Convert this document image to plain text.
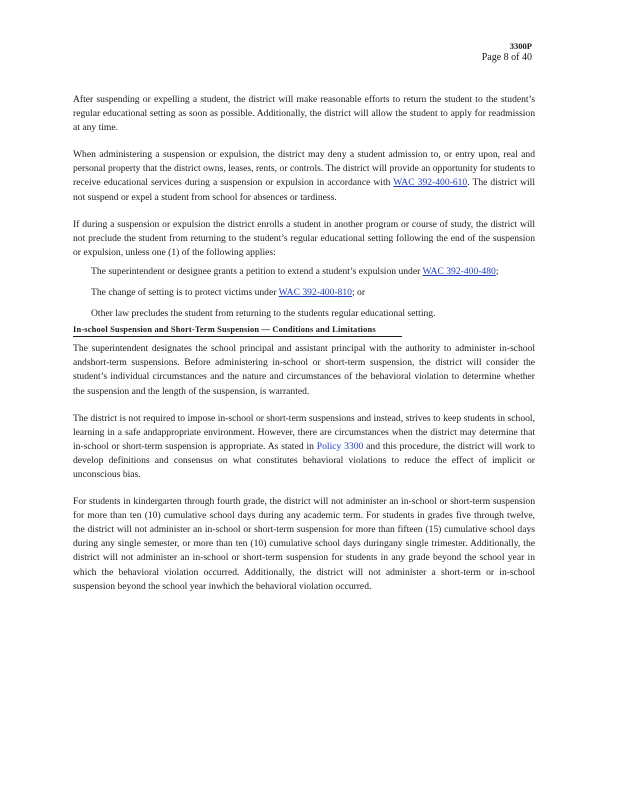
3300P
Page 8 of 40

After suspending or expelling a student, the district will make reasonable efforts to return the student to the student’s regular educational setting as soon as possible. Additionally, the district will allow the student to apply for readmission at any time.

When administering a suspension or expulsion, the district may deny a student admission to, or entry upon, real and personal property that the district owns, leases, rents, or controls. The district will provide an opportunity for students to receive educational services during a suspension or expulsion in accordance with WAC 392-400-610. The district will not suspend or expel a student from school for absences or tardiness.

If during a suspension or expulsion the district enrolls a student in another program or course of study, the district will not preclude the student from returning to the student’s regular educational setting following the end of the suspension or expulsion, unless one (1) of the following applies:

The superintendent or designee grants a petition to extend a student’s expulsion under WAC 392-400-480;
The change of setting is to protect victims under WAC 392-400-810; or
Other law precludes the student from returning to the students regular educational setting.
In-school Suspension and Short-Term Suspension — Conditions and Limitations

The superintendent designates the school principal and assistant principal with the authority to administer in-school andshort-term suspensions. Before administering in-school or short-term suspension, the district will consider the student’s individual circumstances and the nature and circumstances of the behavioral violation to determine whether the suspension and the length of the suspension, is warranted.

The district is not required to impose in-school or short-term suspensions and instead, strives to keep students in school, learning in a safe andappropriate environment. However, there are circumstances when the district may determine that in-school or short-term suspension is appropriate. As stated in Policy 3300 and this procedure, the district will work to develop definitions and consensus on what constitutes behavioral violations to reduce the effect of implicit or unconscious bias.

For students in kindergarten through fourth grade, the district will not administer an in-school or short-term suspension for more than ten (10) cumulative school days during any academic term. For students in grades five through twelve, the district will not administer an in-school or short-term suspension for more than fifteen (15) cumulative school days during any single semester, or more than ten (10) cumulative school days duringany single trimester. Additionally, the district will not administer an in-school or short-term suspension for students in any grade beyond the school year in which the behavioral violation occurred. Additionally, the district will not administer a short-term or in-school suspension beyond the school year inwhich the behavioral violation occurred.
